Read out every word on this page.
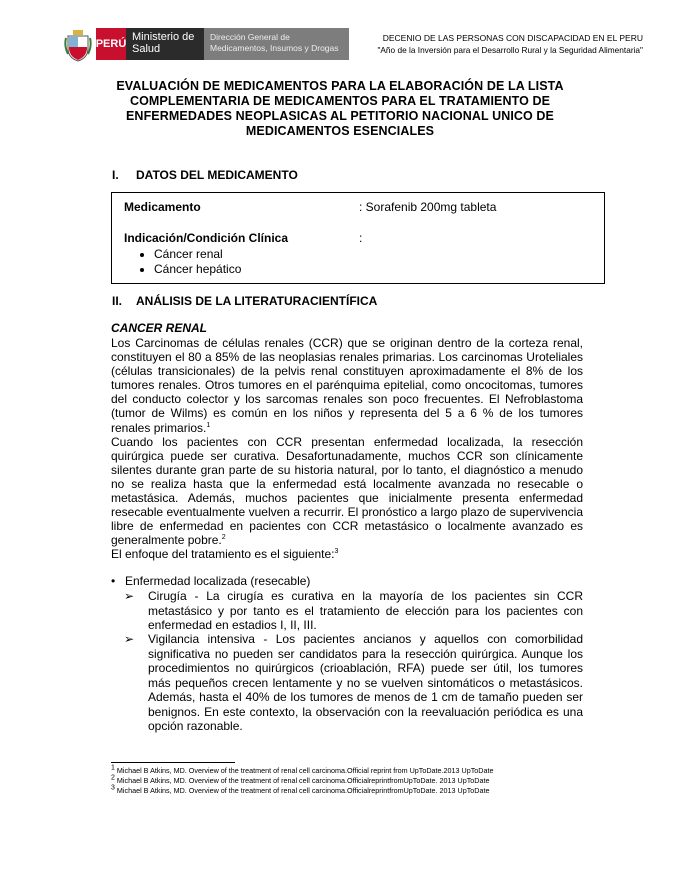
PERÚ
Ministerio de Salud
Dirección General de Medicamentos, Insumos y Drogas
DECENIO DE LAS PERSONAS CON DISCAPACIDAD EN EL PERU
"Año de la Inversión para el Desarrollo Rural y la Seguridad Alimentaria"
EVALUACIÓN DE MEDICAMENTOS PARA LA ELABORACIÓN DE LA LISTA COMPLEMENTARIA DE MEDICAMENTOS PARA EL TRATAMIENTO DE ENFERMEDADES NEOPLASICAS AL PETITORIO NACIONAL UNICO DE MEDICAMENTOS ESENCIALES
I. DATOS DEL MEDICAMENTO
Medicamento	: Sorafenib 200mg tableta
Indicación/Condición Clínica	:
• Cáncer renal
• Cáncer hepático
II. ANÁLISIS DE LA LITERATURACIENTÍFICA
CANCER RENAL

Los Carcinomas de células renales (CCR) que se originan dentro de la corteza renal, constituyen el 80 a 85% de las neoplasias renales primarias. Los carcinomas Uroteliales (células transicionales) de la pelvis renal constituyen aproximadamente el 8% de los tumores renales. Otros tumores en el parénquima epitelial, como oncocitomas, tumores del conducto colector y los sarcomas renales son poco frecuentes. El Nefroblastoma (tumor de Wilms) es común en los niños y representa del 5 a 6 % de los tumores renales primarios.$^1$

Cuando los pacientes con CCR presentan enfermedad localizada, la resección quirúrgica puede ser curativa. Desafortunadamente, muchos CCR son clínicamente silentes durante gran parte de su historia natural, por lo tanto, el diagnóstico a menudo no se realiza hasta que la enfermedad está localmente avanzada no resecable o metastásica. Además, muchos pacientes que inicialmente presenta enfermedad resecable eventualmente vuelven a recurrir. El pronóstico a largo plazo de supervivencia libre de enfermedad en pacientes con CCR metastásico o localmente avanzado es generalmente pobre.$^2$

El enfoque del tratamiento es el siguiente:$^3$

• Enfermedad localizada (resecable)
➢ Cirugía - La cirugía es curativa en la mayoría de los pacientes sin CCR metastásico y por tanto es el tratamiento de elección para los pacientes con enfermedad en estadios I, II, III.
➢ Vigilancia intensiva - Los pacientes ancianos y aquellos con comorbilidad significativa no pueden ser candidatos para la resección quirúrgica. Aunque los procedimientos no quirúrgicos (crioablación, RFA) puede ser útil, los tumores más pequeños crecen lentamente y no se vuelven sintomáticos o metastásicos. Además, hasta el 40% de los tumores de menos de 1 cm de tamaño pueden ser benignos. En este contexto, la observación con la reevaluación periódica es una opción razonable.
$^1$ Michael B Atkins, MD. Overview of the treatment of renal cell carcinoma.Official reprint from UpToDate.2013 UpToDate
$^2$ Michael B Atkins, MD. Overview of the treatment of renal cell carcinoma.OfficialreprintfromUpToDate. 2013 UpToDate
$^3$ Michael B Atkins, MD. Overview of the treatment of renal cell carcinoma.OfficialreprintfromUpToDate. 2013 UpToDate
